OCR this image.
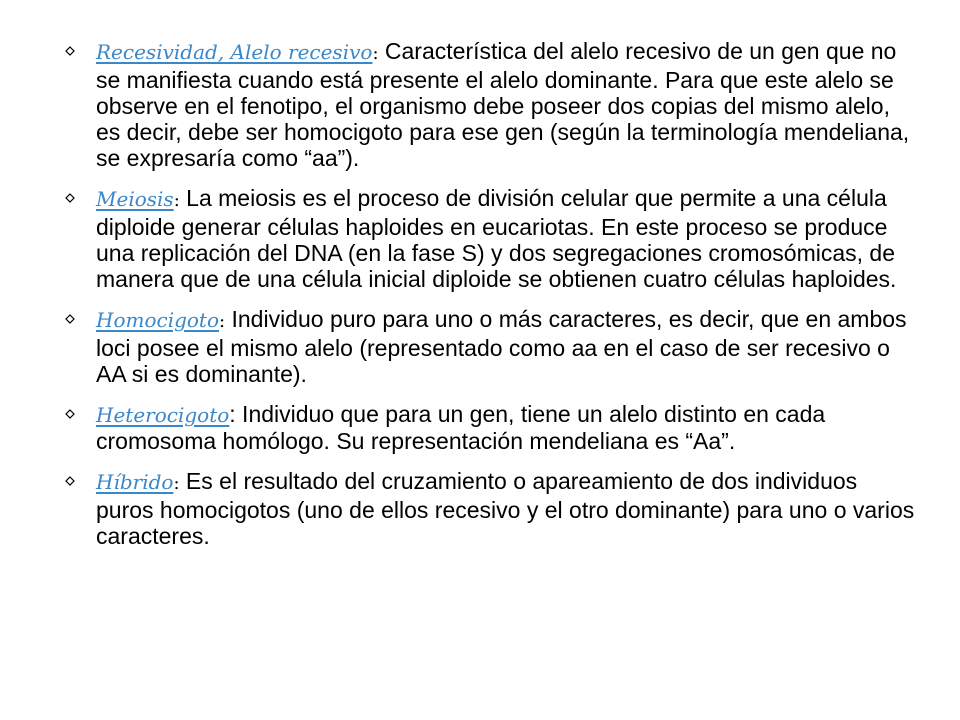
Recesividad, Alelo recesivo: Característica del alelo recesivo de un gen que no se manifiesta cuando está presente el alelo dominante. Para que este alelo se observe en el fenotipo, el organismo debe poseer dos copias del mismo alelo, es decir, debe ser homocigoto para ese gen (según la terminología mendeliana, se expresaría como “aa”).
Meiosis: La meiosis es el proceso de división celular que permite a una célula diploide generar células haploides en eucariotas. En este proceso se produce una replicación del DNA (en la fase S) y dos segregaciones cromosómicas, de manera que de una célula inicial diploide se obtienen cuatro células haploides.
Homocigoto: Individuo puro para uno o más caracteres, es decir, que en ambos loci posee el mismo alelo (representado como aa en el caso de ser recesivo o AA si es dominante).
Heterocigoto: Individuo que para un gen, tiene un alelo distinto en cada cromosoma homólogo. Su representación mendeliana es “Aa”.
Híbrido: Es el resultado del cruzamiento o apareamiento de dos individuos puros homocigotos (uno de ellos recesivo y el otro dominante) para uno o varios caracteres.
